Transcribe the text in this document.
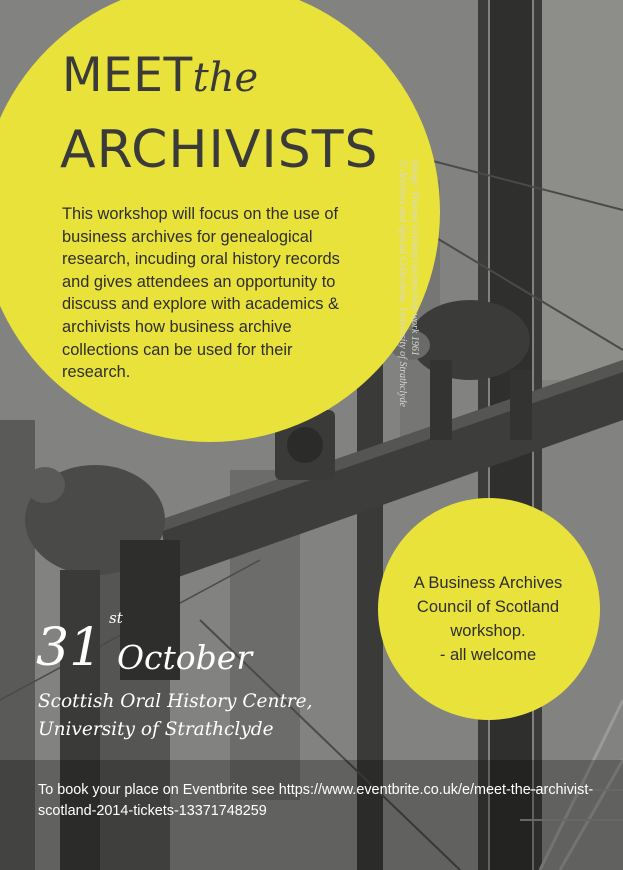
MEETthe
ARCHIVISTS

This workshop will focus on the use of business archives for genealogical research, incuding oral history records and gives attendees an opportunity to discuss and explore with academics & archivists how business archive collections can be used for their research.

Image: Thomas Graham construction work 1961
© Archives and Special Collections, University of Strathclyde
A Business Archives
Council of Scotland
workshop.
- all welcome
31 st
October
Scottish Oral History Centre,
University of Strathclyde
To book your place on Eventbrite see https://www.eventbrite.co.uk/e/meet-the-archivist-scotland-2014-tickets-13371748259
